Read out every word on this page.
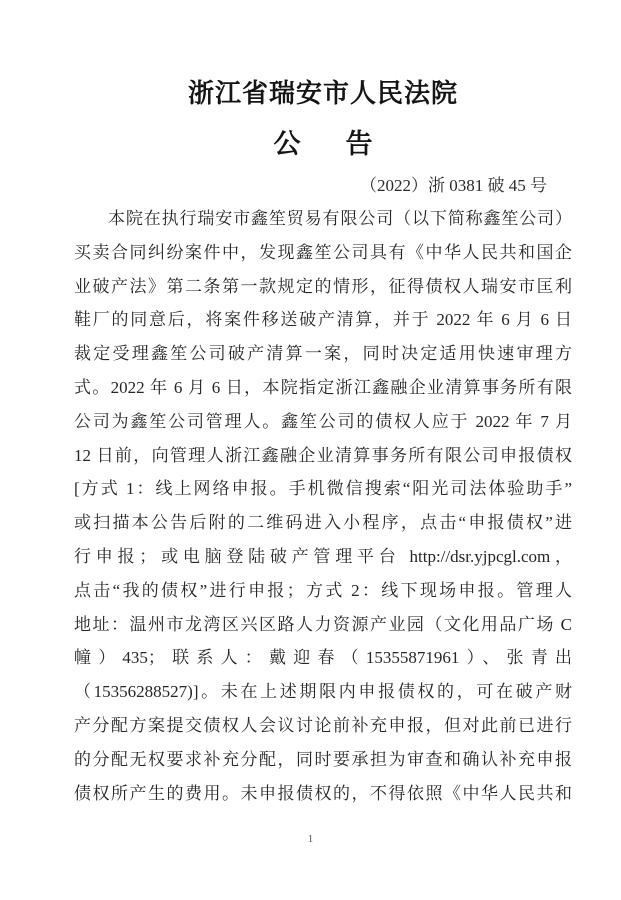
浙江省瑞安市人民法院
公　告
（2022）浙 0381 破 45 号
本院在执行瑞安市鑫笙贸易有限公司（以下简称鑫笙公司）
买卖合同纠纷案件中，发现鑫笙公司具有《中华人民共和国企
业破产法》第二条第一款规定的情形，征得债权人瑞安市匡利
鞋厂的同意后，将案件移送破产清算，并于 2022 年 6 月 6 日
裁定受理鑫笙公司破产清算一案，同时决定适用快速审理方
式。2022 年 6 月 6 日，本院指定浙江鑫融企业清算事务所有限
公司为鑫笙公司管理人。鑫笙公司的债权人应于 2022 年 7 月
12 日前，向管理人浙江鑫融企业清算事务所有限公司申报债权
[方式 1：线上网络申报。手机微信搜索“阳光司法体验助手”
或扫描本公告后附的二维码进入小程序，点击“申报债权”进
行申报；或电脑登陆破产管理平台 http://dsr.yjpcgl.com，
点击“我的债权”进行申报；方式 2：线下现场申报。管理人
地址：温州市龙湾区兴区路人力资源产业园（文化用品广场 C
幢）435；联系人：戴迎春（15355871961）、张青出
（15356288527)]。未在上述期限内申报债权的，可在破产财
产分配方案提交债权人会议讨论前补充申报，但对此前已进行
的分配无权要求补充分配，同时要承担为审查和确认补充申报
债权所产生的费用。未申报债权的，不得依照《中华人民共和
1
